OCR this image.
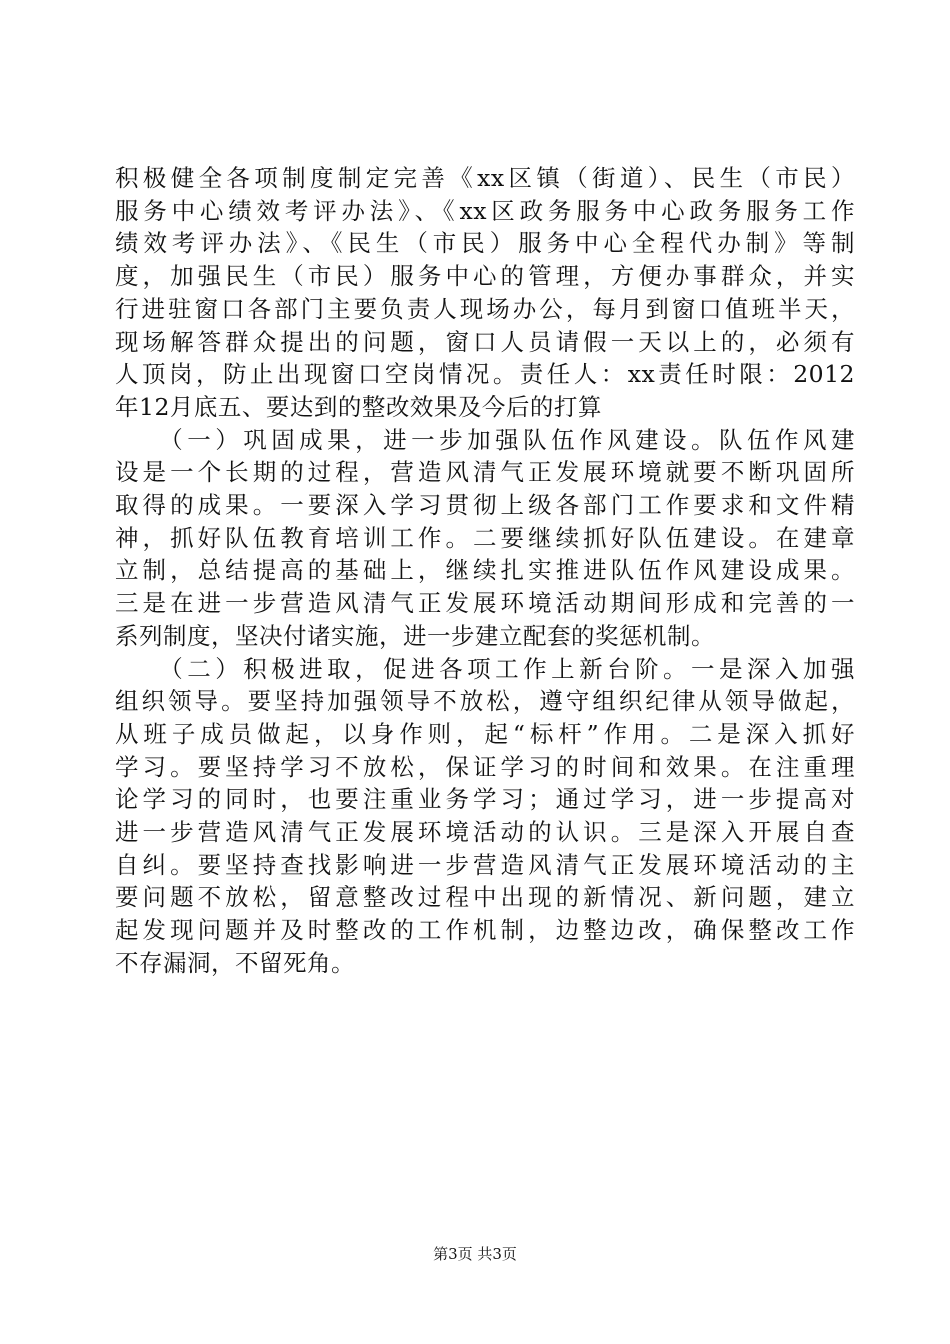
积极健全各项制度制定完善《xx区镇（街道）、民生（市民）
服务中心绩效考评办法》、《xx区政务服务中心政务服务工作
绩效考评办法》、《民生（市民）服务中心全程代办制》等制
度，加强民生（市民）服务中心的管理，方便办事群众，并实
行进驻窗口各部门主要负责人现场办公，每月到窗口值班半天，
现场解答群众提出的问题，窗口人员请假一天以上的，必须有
人顶岗，防止出现窗口空岗情况。责任人：xx责任时限：2012
年12月底五、要达到的整改效果及今后的打算
　　（一）巩固成果，进一步加强队伍作风建设。队伍作风建
设是一个长期的过程，营造风清气正发展环境就要不断巩固所
取得的成果。一要深入学习贯彻上级各部门工作要求和文件精
神，抓好队伍教育培训工作。二要继续抓好队伍建设。在建章
立制，总结提高的基础上，继续扎实推进队伍作风建设成果。
三是在进一步营造风清气正发展环境活动期间形成和完善的一
系列制度，坚决付诸实施，进一步建立配套的奖惩机制。
　　（二）积极进取，促进各项工作上新台阶。一是深入加强
组织领导。要坚持加强领导不放松，遵守组织纪律从领导做起，
从班子成员做起，以身作则，起“标杆”作用。二是深入抓好
学习。要坚持学习不放松，保证学习的时间和效果。在注重理
论学习的同时，也要注重业务学习；通过学习，进一步提高对
进一步营造风清气正发展环境活动的认识。三是深入开展自查
自纠。要坚持查找影响进一步营造风清气正发展环境活动的主
要问题不放松，留意整改过程中出现的新情况、新问题，建立
起发现问题并及时整改的工作机制，边整边改，确保整改工作
不存漏洞，不留死角。
第3页 共3页
